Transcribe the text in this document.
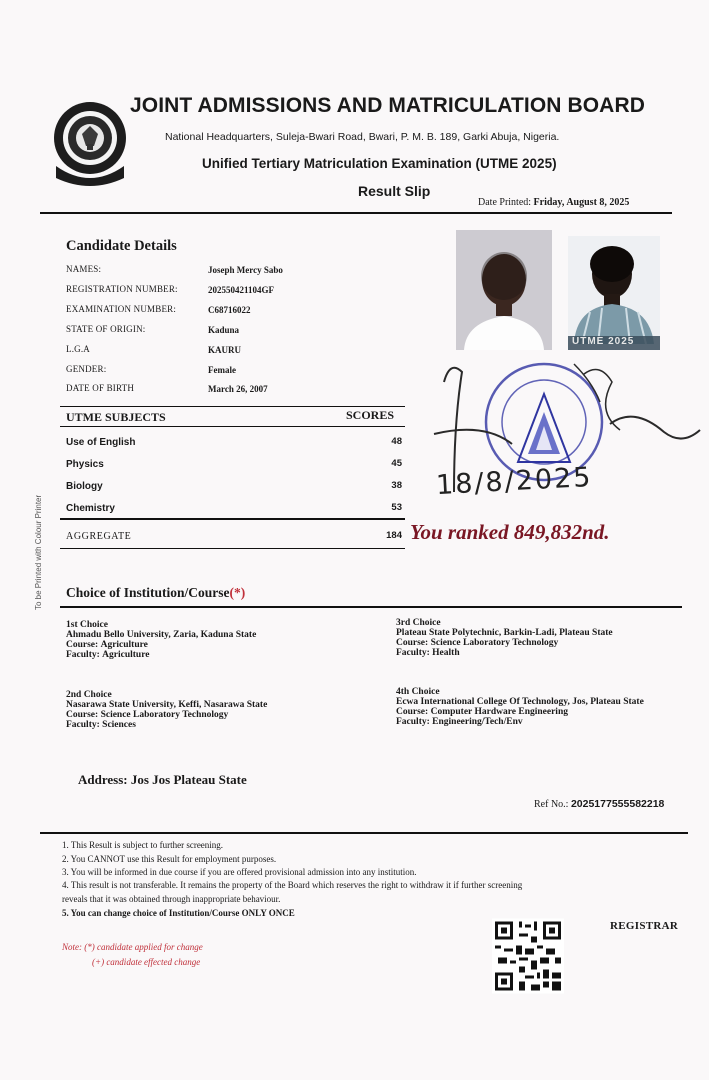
JOINT ADMISSIONS AND MATRICULATION BOARD
National Headquarters, Suleja-Bwari Road, Bwari, P. M. B. 189, Garki Abuja, Nigeria.
Unified Tertiary Matriculation Examination (UTME 2025)
Result Slip
Date Printed: Friday, August 8, 2025
Candidate Details
NAMES:	Joseph Mercy Sabo
REGISTRATION NUMBER:	202550421104GF
EXAMINATION NUMBER:	C68716022
STATE OF ORIGIN:	Kaduna
L.G.A	KAURU
GENDER:	Female
DATE OF BIRTH	March 26, 2007
UTME 2025
UTME SUBJECTS	SCORES
Use of English	48
Physics	45
Biology	38
Chemistry	53
AGGREGATE	184 You ranked 849,832nd.
18/8/2025
To be Printed with Colour Printer Choice of Institution/Course(*)
1st Choice
Ahmadu Bello University, Zaria, Kaduna State
Course: Agriculture
Faculty: Agriculture
2nd Choice
Nasarawa State University, Keffi, Nasarawa State
Course: Science Laboratory Technology
Faculty: Sciences
3rd Choice
Plateau State Polytechnic, Barkin-Ladi, Plateau State
Course: Science Laboratory Technology
Faculty: Health
4th Choice
Ecwa International College Of Technology, Jos, Plateau State
Course: Computer Hardware Engineering
Faculty: Engineering/Tech/Env
Address: Jos Jos Plateau State
Ref No.: 2025177555582218
1. This Result is subject to further screening.
2. You CANNOT use this Result for employment purposes.
3. You will be informed in due course if you are offered provisional admission into any institution.
4. This result is not transferable. It remains the property of the Board which reserves the right to withdraw it if further screening
reveals that it was obtained through inappropriate behaviour.
5. You can change choice of Institution/Course ONLY ONCE
Note: (*) candidate applied for change
(+) candidate effected change
REGISTRAR
